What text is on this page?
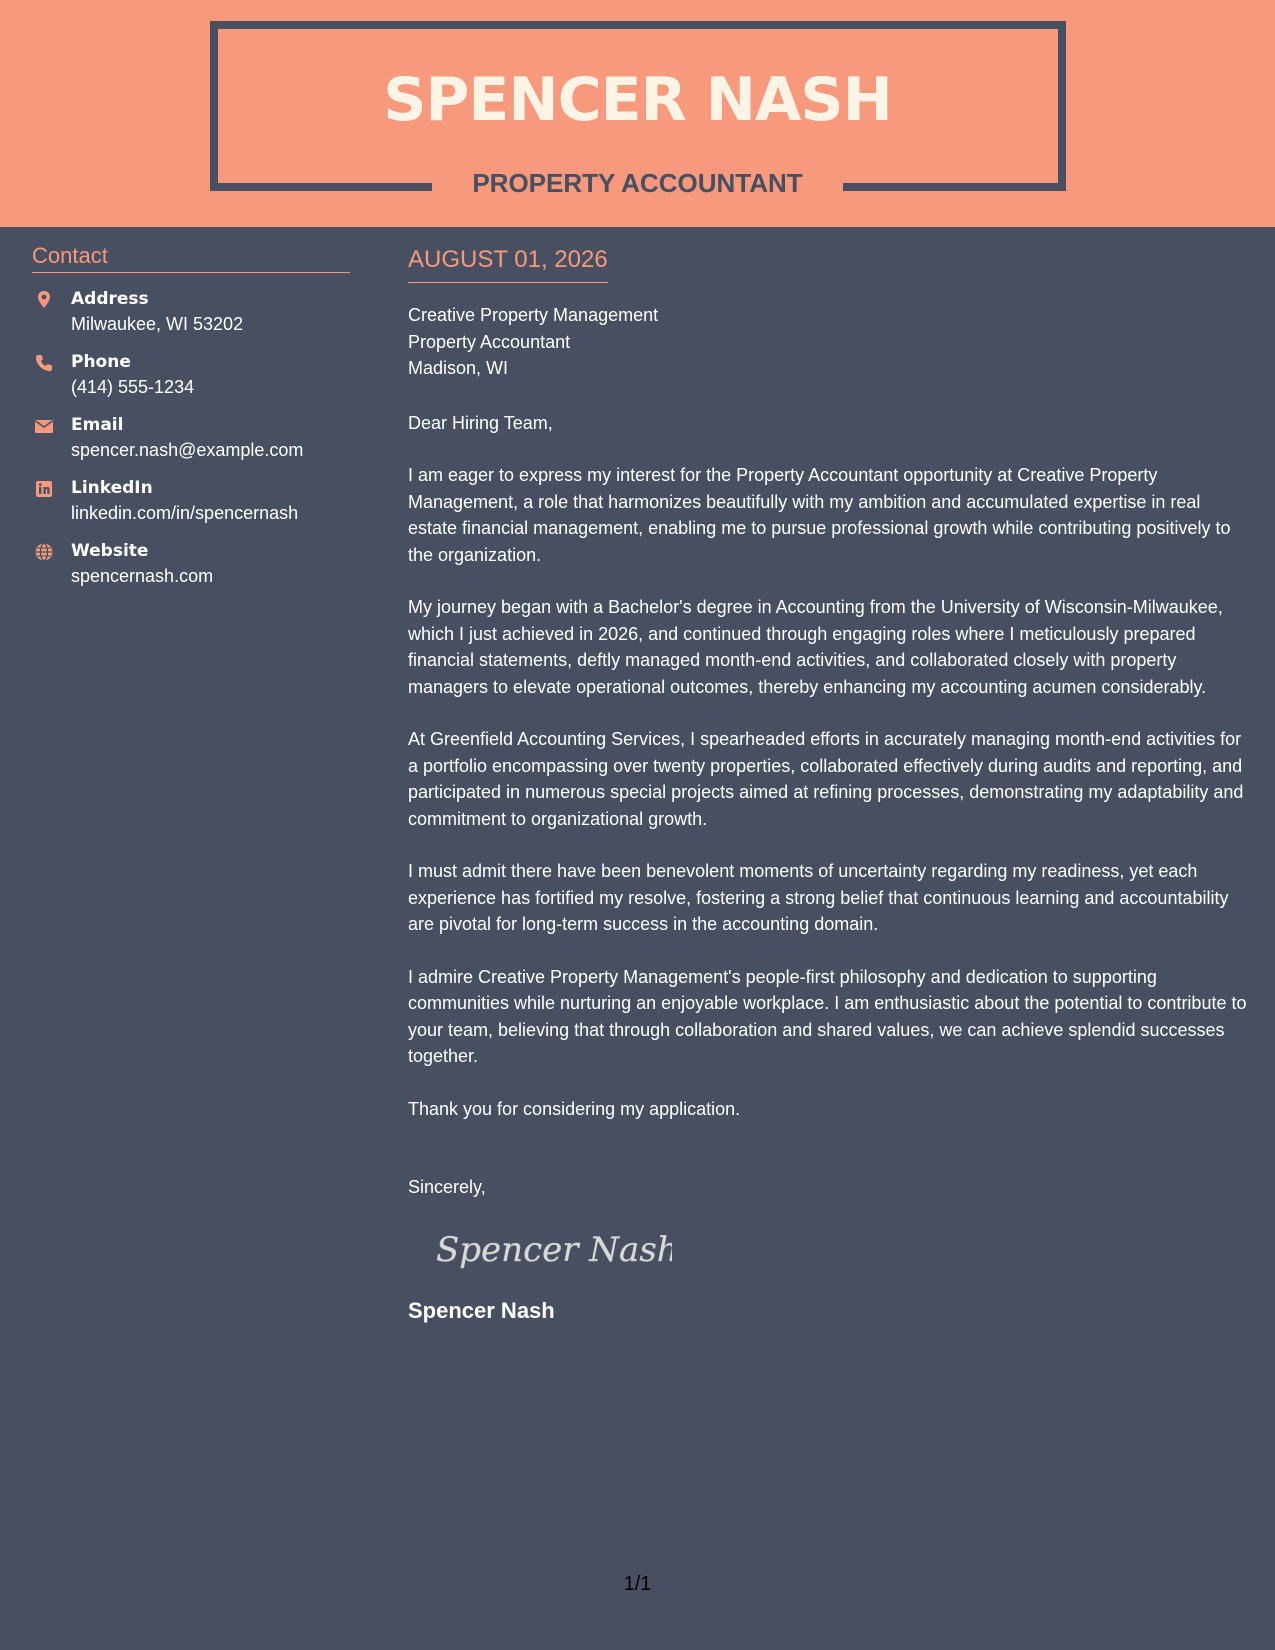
SPENCER NASH
PROPERTY ACCOUNTANT
Contact
Address
Milwaukee, WI 53202
Phone
(414) 555-1234
Email
spencer.nash@example.com
LinkedIn
linkedin.com/in/spencernash
Website
spencernash.com
AUGUST 01, 2026
Creative Property Management
Property Accountant
Madison, WI
Dear Hiring Team,
I am eager to express my interest for the Property Accountant opportunity at Creative Property Management, a role that harmonizes beautifully with my ambition and accumulated expertise in real estate financial management, enabling me to pursue professional growth while contributing positively to the organization.
My journey began with a Bachelor's degree in Accounting from the University of Wisconsin-Milwaukee, which I just achieved in 2026, and continued through engaging roles where I meticulously prepared financial statements, deftly managed month-end activities, and collaborated closely with property managers to elevate operational outcomes, thereby enhancing my accounting acumen considerably.
At Greenfield Accounting Services, I spearheaded efforts in accurately managing month-end activities for a portfolio encompassing over twenty properties, collaborated effectively during audits and reporting, and participated in numerous special projects aimed at refining processes, demonstrating my adaptability and commitment to organizational growth.
I must admit there have been benevolent moments of uncertainty regarding my readiness, yet each experience has fortified my resolve, fostering a strong belief that continuous learning and accountability are pivotal for long-term success in the accounting domain.
I admire Creative Property Management's people-first philosophy and dedication to supporting communities while nurturing an enjoyable workplace. I am enthusiastic about the potential to contribute to your team, believing that through collaboration and shared values, we can achieve splendid successes together.
Thank you for considering my application.
Sincerely,
Spencer Nash
Spencer Nash
1/1
